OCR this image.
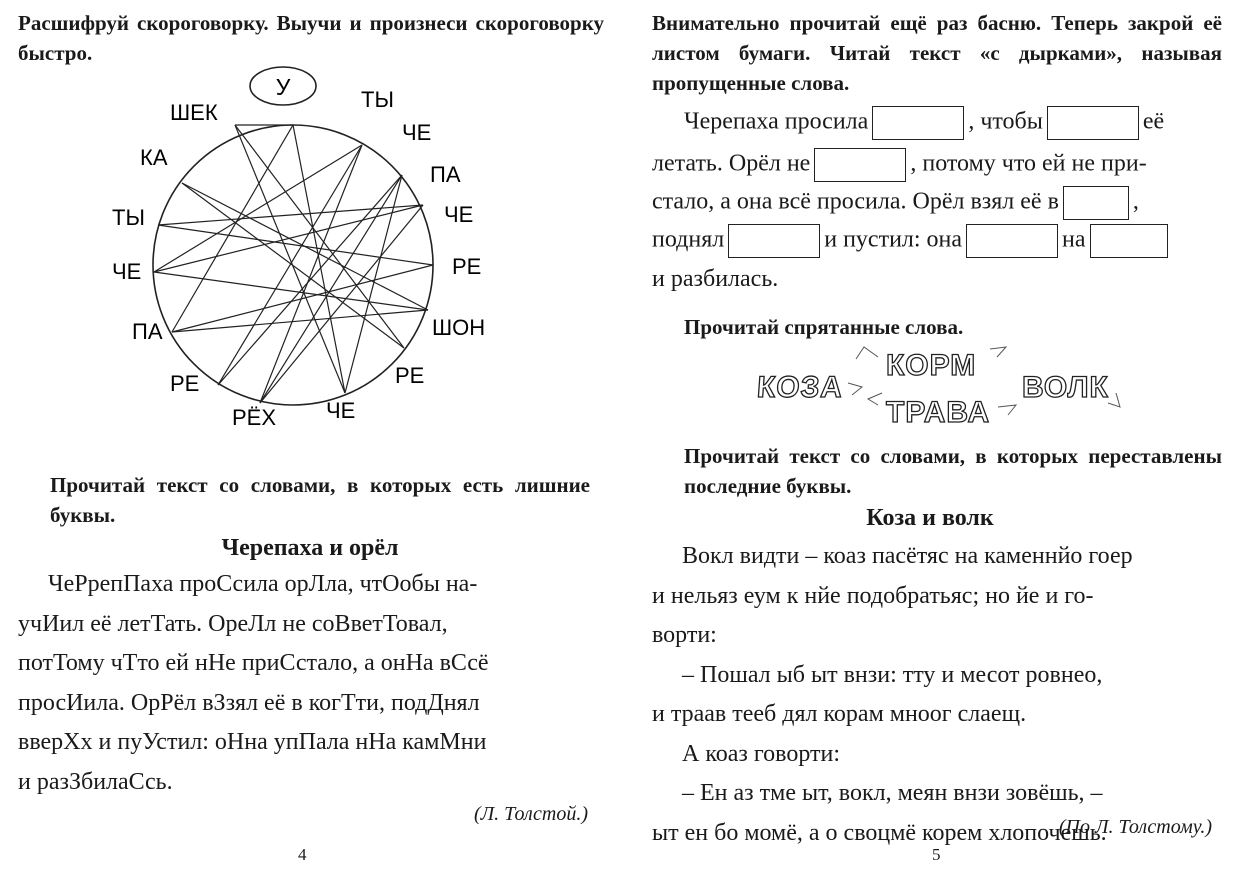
Расшифруй скороговорку. Выучи и произнеси скороговорку быстро.

У	ТЫ
ЧЕ
ПА
ЧЕ
РЕ
ШОН
РЕ
ЧЕ
РЁХ
РЕ
ПА
ЧЕ
ТЫ
КА
ШЕК

Прочитай текст со словами, в которых есть лишние буквы.

Черепаха и орёл

ЧеРрепПаха проСсила орЛла, чтОобы на-

учИил её летТать. ОреЛл не соВветТовал,

потТому чТто ей нНе приСстало, а онНа вСсё

просИила. ОрРёл вЗзял её в когТти, подДнял

вверХх и пуУстил: оНна упПала нНа камМни

и разЗбилаСсь.

(Л. Толстой.)

4

Внимательно прочитай ещё раз басню. Теперь закрой её листом бумаги. Читай текст «с дырками», называя пропущенные слова.

Черепаха просила	, чтобы	её
летать. Орёл не	, потому что ей не при-
стало, а она всё просила. Орёл взял её в	,
поднял	и пустил: она	на
и разбилась.

Прочитай спрятанные слова.

КОЗА
КОРМ
ТРАВА
ВОЛК

Прочитай текст со словами, в которых переставлены последние буквы.

Коза и волк

Вокл видти – коаз пасётяс на каменнйо гоер

и нельяз еум к нйе подобратьяс; но йе и го-

ворти:

– Пошал ыб ыт внзи: тту и месот ровнео,

и траав тееб дял корам мноог слаещ.

А коаз говорти:

– Ен аз тме ыт, вокл, меян внзи зовёшь, –

ыт ен бо момё, а о своцмё корем хлопочешь.

(По Л. Толстому.)

5
